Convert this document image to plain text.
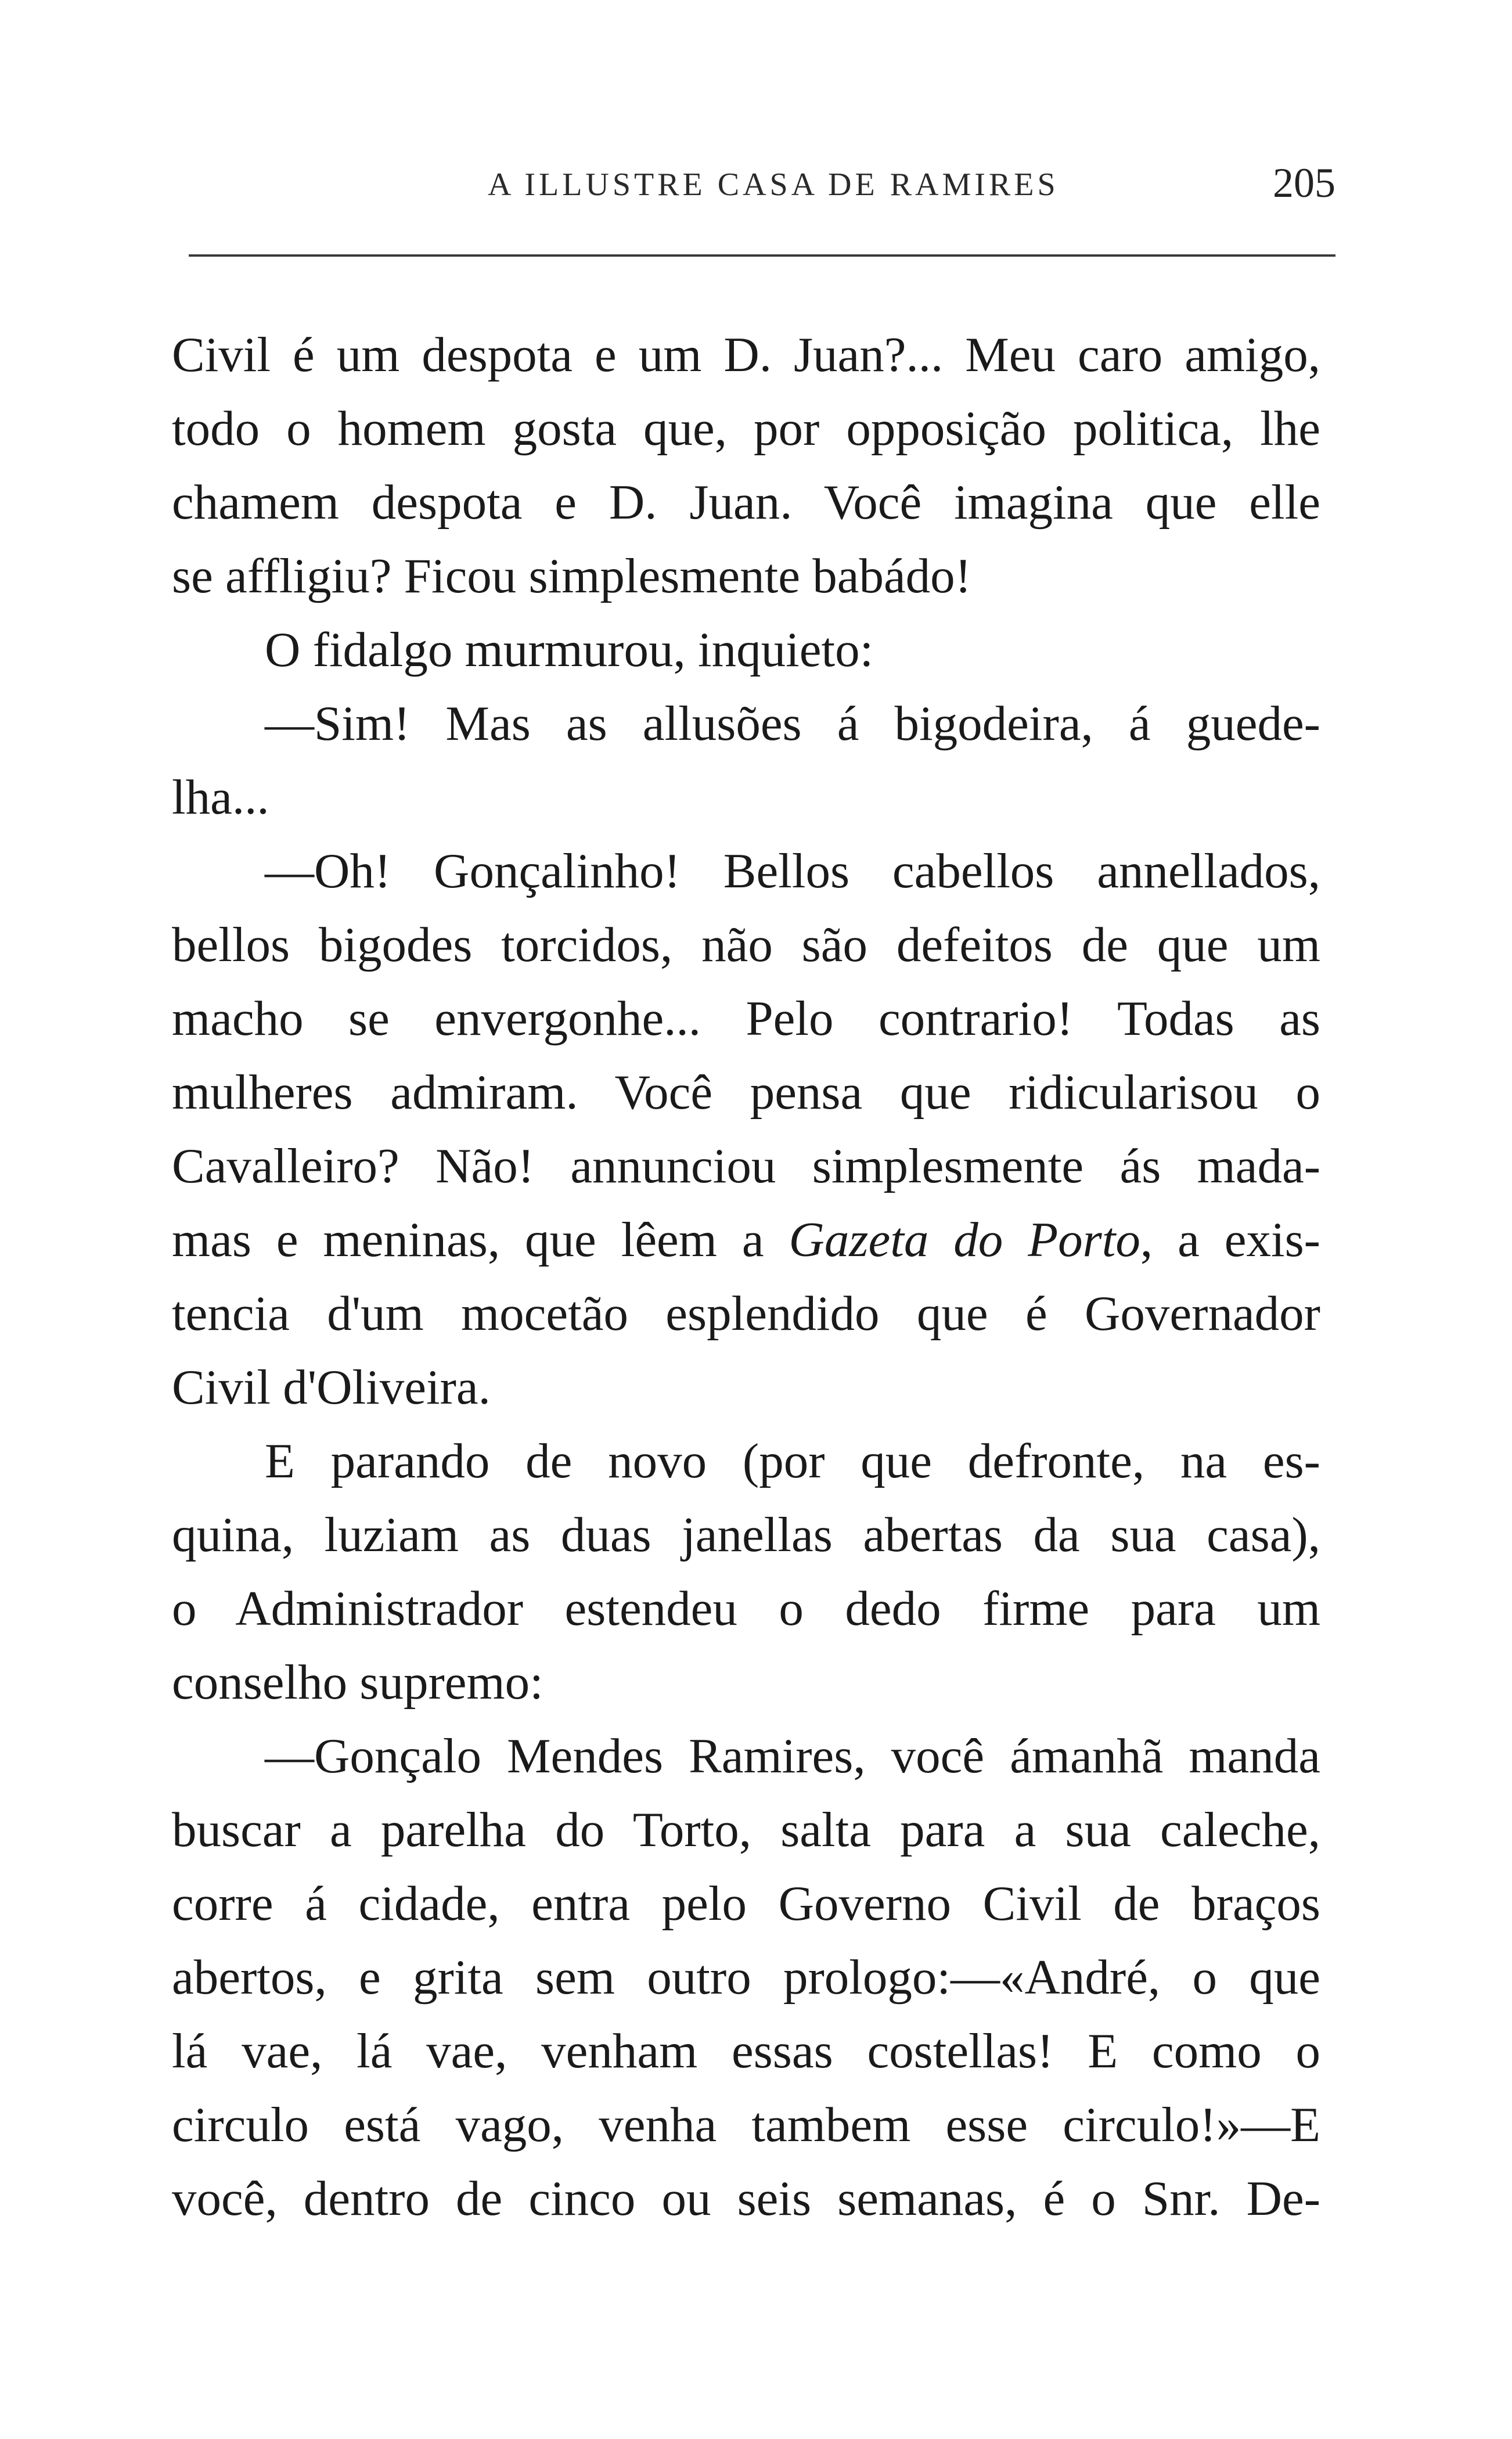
A ILLUSTRE CASA DE RAMIRES	205
Civil é um despota e um D. Juan?... Meu caro amigo,
todo o homem gosta que, por opposição politica, lhe
chamem despota e D. Juan. Você imagina que elle
se affligiu? Ficou simplesmente babádo!
O fidalgo murmurou, inquieto:
—Sim! Mas as allusões á bigodeira, á guede-
lha...
—Oh! Gonçalinho! Bellos cabellos annellados,
bellos bigodes torcidos, não são defeitos de que um
macho se envergonhe... Pelo contrario! Todas as
mulheres admiram. Você pensa que ridicularisou o
Cavalleiro? Não! annunciou simplesmente ás mada-
mas e meninas, que lêem a Gazeta do Porto, a exis-
tencia d'um mocetão esplendido que é Governador
Civil d'Oliveira.
E parando de novo (por que defronte, na es-
quina, luziam as duas janellas abertas da sua casa),
o Administrador estendeu o dedo firme para um
conselho supremo:
—Gonçalo Mendes Ramires, você ámanhã manda
buscar a parelha do Torto, salta para a sua caleche,
corre á cidade, entra pelo Governo Civil de braços
abertos, e grita sem outro prologo:—«André, o que
lá vae, lá vae, venham essas costellas! E como o
circulo está vago, venha tambem esse circulo!»—E
você, dentro de cinco ou seis semanas, é o Snr. De-
